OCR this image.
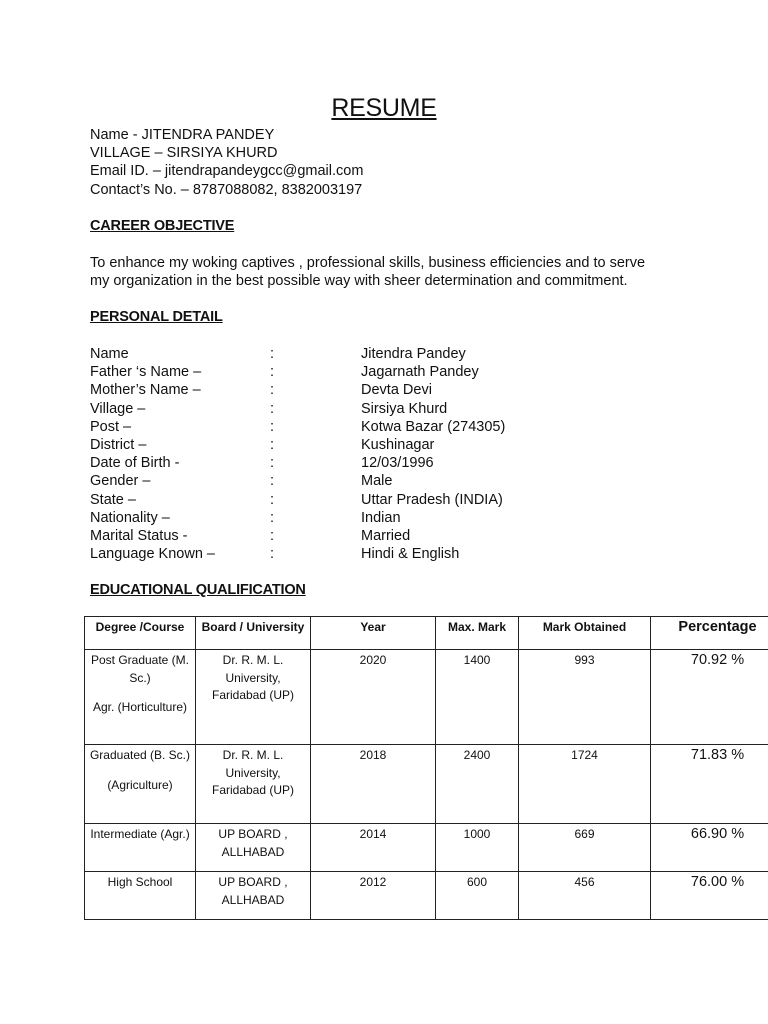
RESUME
Name - JITENDRA PANDEY
VILLAGE – SIRSIYA KHURD
Email ID. – jitendrapandeygcc@gmail.com
Contact’s No. – 8787088082, 8382003197
CAREER OBJECTIVE
To enhance my woking captives , professional skills, business efficiencies and to serve
my organization in the best possible way with sheer determination and commitment.
PERSONAL DETAIL
Name	:	Jitendra Pandey
Father ‘s Name –	:	Jagarnath Pandey
Mother’s Name –	:	Devta Devi
Village –	:	Sirsiya Khurd
Post –	:	Kotwa Bazar (274305)
District –	:	Kushinagar
Date of Birth -	:	12/03/1996
Gender –	:	Male
State –	:	Uttar Pradesh (INDIA)
Nationality –	:	Indian
Marital Status -	:	Married
Language Known –	:	Hindi & English
EDUCATIONAL QUALIFICATION
Degree /Course	Board / University	Year	Max. Mark	Mark Obtained	Percentage

Post Graduate (M. Sc.)
Agr. (Horticulture)	Dr. R. M. L. University, Faridabad (UP)	2020	1400	993	70.92 %

Graduated (B. Sc.)
(Agriculture)	Dr. R. M. L. University, Faridabad (UP)	2018	2400	1724	71.83 %

Intermediate (Agr.)	UP BOARD , ALLHABAD	2014	1000	669	66.90 %

High School	UP BOARD , ALLHABAD	2012	600	456	76.00 %
